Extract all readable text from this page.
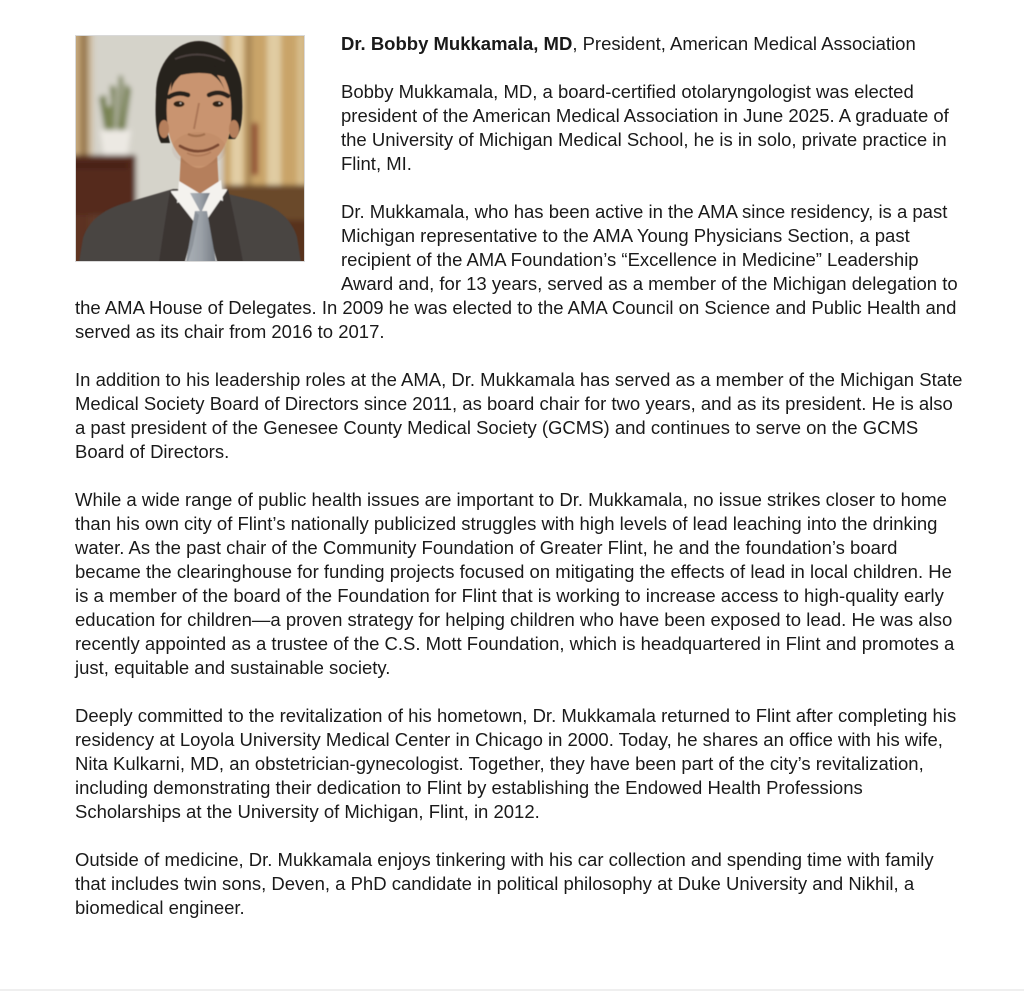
Dr. Bobby Mukkamala, MD, President, American Medical Association

Bobby Mukkamala, MD, a board-certified otolaryngologist was elected president of the American Medical Association in June 2025. A graduate of the University of Michigan Medical School, he is in solo, private practice in Flint, MI.

Dr. Mukkamala, who has been active in the AMA since residency, is a past Michigan representative to the AMA Young Physicians Section, a past recipient of the AMA Foundation’s “Excellence in Medicine” Leadership Award and, for 13 years, served as a member of the Michigan delegation to the AMA House of Delegates. In 2009 he was elected to the AMA Council on Science and Public Health and served as its chair from 2016 to 2017.

In addition to his leadership roles at the AMA, Dr. Mukkamala has served as a member of the Michigan State Medical Society Board of Directors since 2011, as board chair for two years, and as its president. He is also a past president of the Genesee County Medical Society (GCMS) and continues to serve on the GCMS Board of Directors.

While a wide range of public health issues are important to Dr. Mukkamala, no issue strikes closer to home than his own city of Flint’s nationally publicized struggles with high levels of lead leaching into the drinking water. As the past chair of the Community Foundation of Greater Flint, he and the foundation’s board became the clearinghouse for funding projects focused on mitigating the effects of lead in local children. He is a member of the board of the Foundation for Flint that is working to increase access to high-quality early education for children—a proven strategy for helping children who have been exposed to lead. He was also recently appointed as a trustee of the C.S. Mott Foundation, which is headquartered in Flint and promotes a just, equitable and sustainable society.

Deeply committed to the revitalization of his hometown, Dr. Mukkamala returned to Flint after completing his residency at Loyola University Medical Center in Chicago in 2000. Today, he shares an office with his wife, Nita Kulkarni, MD, an obstetrician-gynecologist. Together, they have been part of the city’s revitalization, including demonstrating their dedication to Flint by establishing the Endowed Health Professions Scholarships at the University of Michigan, Flint, in 2012.

Outside of medicine, Dr. Mukkamala enjoys tinkering with his car collection and spending time with family that includes twin sons, Deven, a PhD candidate in political philosophy at Duke University and Nikhil, a biomedical engineer.
